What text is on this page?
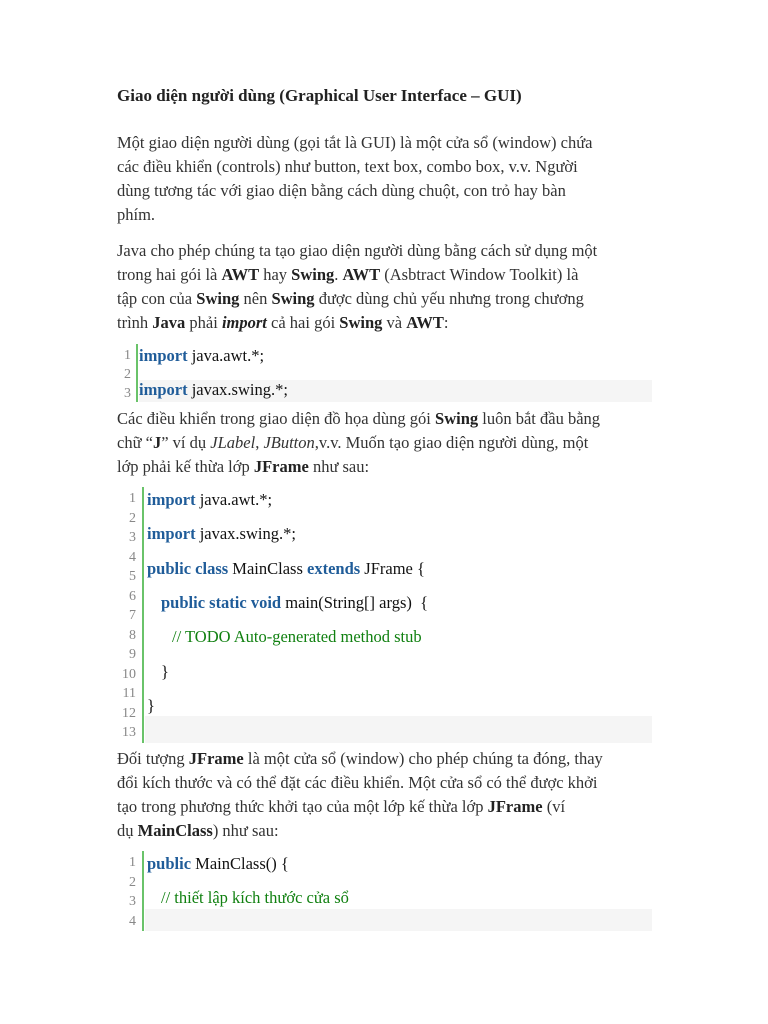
Giao diện người dùng (Graphical User Interface – GUI)
Một giao diện người dùng (gọi tắt là GUI) là một cửa sổ (window) chứa
các điều khiển (controls) như button, text box, combo box, v.v. Người
dùng tương tác với giao diện bằng cách dùng chuột, con trỏ hay bàn
phím.
Java cho phép chúng ta tạo giao diện người dùng bằng cách sử dụng một
trong hai gói là AWT hay Swing. AWT (Asbtract Window Toolkit) là
tập con của Swing nên Swing được dùng chủ yếu nhưng trong chương
trình Java phải import cả hai gói Swing và AWT:
1
2
3
import java.awt.*;
import javax.swing.*;
Các điều khiển trong giao diện đồ họa dùng gói Swing luôn bắt đầu bằng
chữ “J” ví dụ JLabel, JButton,v.v. Muốn tạo giao diện người dùng, một
lớp phải kế thừa lớp JFrame như sau:
1
2
3
4
5
6
7
8
9
10
11
12
13
import java.awt.*;
import javax.swing.*;
public class MainClass extends JFrame {
public static void main(String[] args)  {
// TODO Auto-generated method stub
}
}
Đối tượng JFrame là một cửa sổ (window) cho phép chúng ta đóng, thay
đổi kích thước và có thể đặt các điều khiển. Một cửa sổ có thể được khởi
tạo trong phương thức khởi tạo của một lớp kế thừa lớp JFrame (ví
dụ MainClass) như sau:
1
2
3
4
public MainClass() {
// thiết lập kích thước cửa sổ
